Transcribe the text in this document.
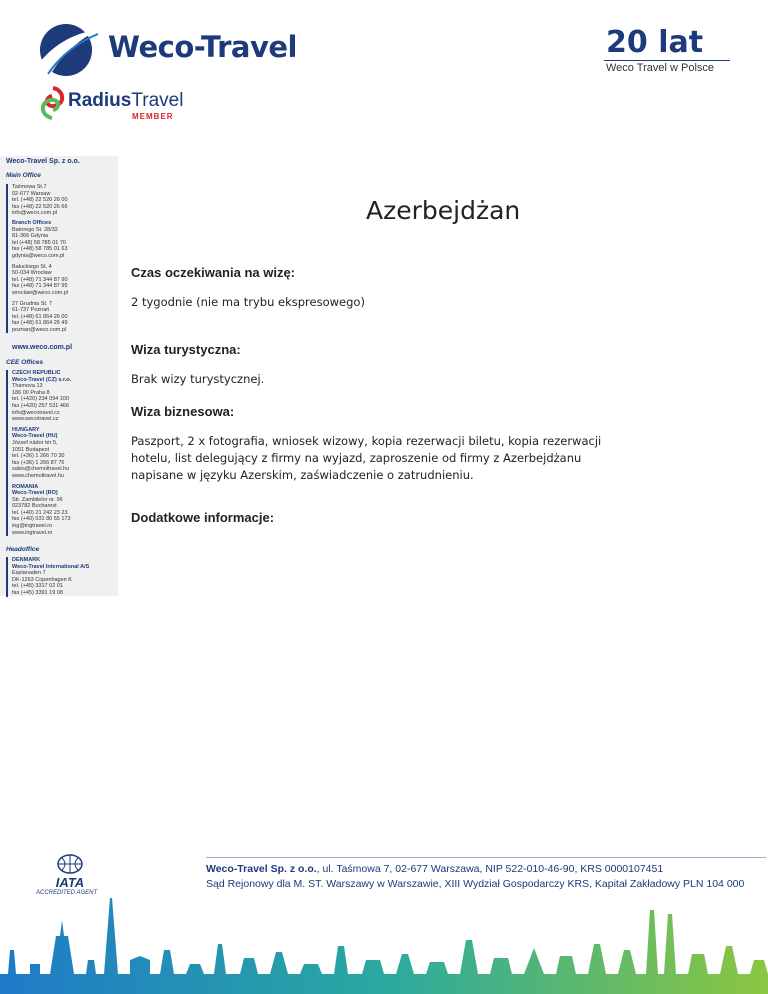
Weco-Travel
RadiusTravel
MEMBER
20 lat
Weco Travel w Polsce
Weco-Travel Sp. z o.o.
Main Office
Taśmowa St.7
02-677 Warsaw
tel. (+48) 22 520 26 00
fax (+48) 22 520 26 66
info@weco.com.pl
Branch Offices
Batorego St. 28/32
81-366 Gdynia
tel (+48) 58 785 01 70
fax (+48) 58 785 01 63
gdynia@weco.com.pl
Bałuckiego St. 4
50-034 Wrocław
tel. (+48) 71 344 87 90
fax (+48) 71 344 87 95
wroclaw@weco.com.pl
27 Grudnia St. 7
61-737 Poznań
tel. (+48) 61 864 26 00
fax (+48) 61 864 26 49
poznan@weco.com.pl
www.weco.com.pl
CEE Offices
CZECH REPUBLIC
Weco-Travel (CZ) s.r.o.
Thamova 13
186 00 Praha 8
tel. (+420) 234 094 100
fax (+420) 257 531 466
info@wecotravel.cz
www.wecotravel.cz
HUNGARY
Weco-Travel (HU)
József nádor tér 5,
1051 Budapest
tel. (+36) 1 266 70 30
fax (+36) 1 266 87 76
sales@chemoltravel.hu
www.chemoltravel.hu
ROMANIA
Weco-Travel (RO)
Str. Zambilelor nr. 96
023782 Bucharest
tel. (+40) 21 242 23 23
fax (+40) 031 80 55 173
ing@ingtravel.ro
www.ingtravel.ro
Headoffice
DENMARK
Weco-Travel International A/S
Esplanaden 7
DK-1263 Copenhagen K
tel. (+45) 3317 02 01
fax (+45) 3391 19 08
Azerbejdżan
Czas oczekiwania na wizę:
2 tygodnie (nie ma trybu ekspresowego)
Wiza turystyczna:
Brak wizy turystycznej.
Wiza biznesowa:
Paszport, 2 x fotografia, wniosek wizowy, kopia rezerwacji biletu, kopia rezerwacji
hotelu, list delegujący z firmy na wyjazd, zaproszenie od firmy z Azerbejdżanu
napisane w języku Azerskim, zaświadczenie o zatrudnieniu.
Dodatkowe informacje:
IATA
ACCREDITED AGENT
Weco-Travel Sp. z o.o., ul. Taśmowa 7, 02-677 Warszawa, NIP 522-010-46-90, KRS 0000107451
Sąd Rejonowy dla M. ST. Warszawy w Warszawie, XIII Wydział Gospodarczy KRS, Kapitał Zakładowy PLN 104 000
